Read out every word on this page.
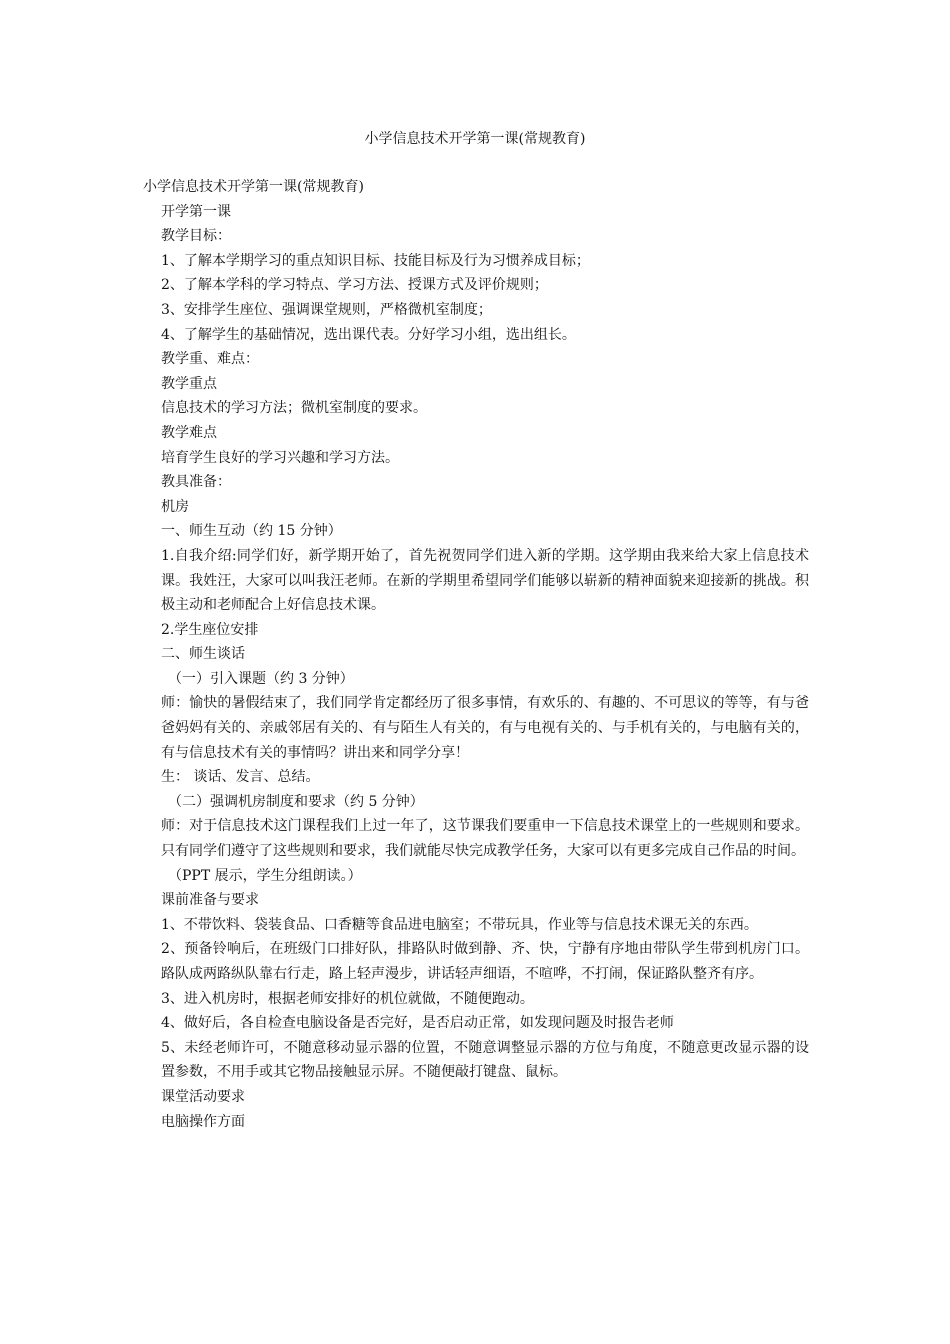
小学信息技术开学第一课(常规教育)
小学信息技术开学第一课(常规教育)
开学第一课
教学目标：
1、了解本学期学习的重点知识目标、技能目标及行为习惯养成目标；
2、了解本学科的学习特点、学习方法、授课方式及评价规则；
3、安排学生座位、强调课堂规则，严格微机室制度；
4、了解学生的基础情况，选出课代表。分好学习小组，选出组长。
教学重、难点：
教学重点
信息技术的学习方法；微机室制度的要求。
教学难点
培育学生良好的学习兴趣和学习方法。
教具准备：
机房
一、师生互动（约 15 分钟）
1.自我介绍:同学们好，新学期开始了，首先祝贺同学们进入新的学期。这学期由我来给大家上信息技术课。我姓汪，大家可以叫我汪老师。在新的学期里希望同学们能够以崭新的精神面貌来迎接新的挑战。积极主动和老师配合上好信息技术课。
2.学生座位安排
二、师生谈话
（一）引入课题（约 3 分钟）
师：愉快的暑假结束了，我们同学肯定都经历了很多事情，有欢乐的、有趣的、不可思议的等等，有与爸爸妈妈有关的、亲戚邻居有关的、有与陌生人有关的，有与电视有关的、与手机有关的，与电脑有关的，有与信息技术有关的事情吗？讲出来和同学分享！
生： 谈话、发言、总结。
（二）强调机房制度和要求（约 5 分钟）
师：对于信息技术这门课程我们上过一年了，这节课我们要重申一下信息技术课堂上的一些规则和要求。只有同学们遵守了这些规则和要求，我们就能尽快完成教学任务，大家可以有更多完成自己作品的时间。
（PPT 展示，学生分组朗读。）
课前准备与要求
1、不带饮料、袋装食品、口香糖等食品进电脑室；不带玩具，作业等与信息技术课无关的东西。
2、预备铃响后，在班级门口排好队，排路队时做到静、齐、快，宁静有序地由带队学生带到机房门口。路队成两路纵队靠右行走，路上轻声漫步，讲话轻声细语，不喧哗，不打闹，保证路队整齐有序。
3、进入机房时，根据老师安排好的机位就做，不随便跑动。
4、做好后，各自检查电脑设备是否完好，是否启动正常，如发现问题及时报告老师
5、未经老师许可，不随意移动显示器的位置，不随意调整显示器的方位与角度，不随意更改显示器的设置参数，不用手或其它物品接触显示屏。不随便敲打键盘、鼠标。
课堂活动要求
电脑操作方面
